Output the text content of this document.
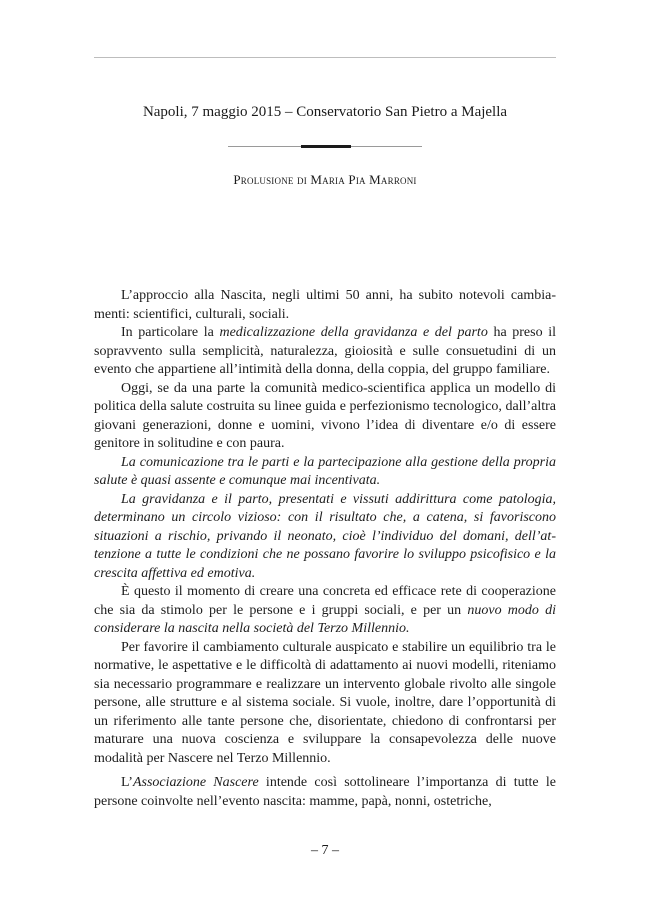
Napoli, 7 maggio 2015 – Conservatorio San Pietro a Majella
Prolusione di Maria Pia Marroni

L’approccio alla Nascita, negli ultimi 50 anni, ha subito notevoli cambiamenti: scientifici, culturali, sociali.

In particolare la medicalizzazione della gravidanza e del parto ha preso il sopravvento sulla semplicità, naturalezza, gioiosità e sulle consuetudini di un evento che appartiene all’intimità della donna, della coppia, del gruppo familiare.

Oggi, se da una parte la comunità medico-scientifica applica un modello di politica della salute costruita su linee guida e perfezionismo tecnologico, dall’altra giovani generazioni, donne e uomini, vivono l’idea di diventare e/o di essere genitore in solitudine e con paura.

La comunicazione tra le parti e la partecipazione alla gestione della propria salute è quasi assente e comunque mai incentivata.

La gravidanza e il parto, presentati e vissuti addirittura come patologia, determinano un circolo vizioso: con il risultato che, a catena, si favoriscono situazioni a rischio, privando il neonato, cioè l’individuo del domani, dell’attenzione a tutte le condizioni che ne possano favorire lo sviluppo psicofisico e la crescita affettiva ed emotiva.

È questo il momento di creare una concreta ed efficace rete di cooperazione che sia da stimolo per le persone e i gruppi sociali, e per un nuovo modo di considerare la nascita nella società del Terzo Millennio.

Per favorire il cambiamento culturale auspicato e stabilire un equilibrio tra le normative, le aspettative e le difficoltà di adattamento ai nuovi modelli, riteniamo sia necessario programmare e realizzare un intervento globale rivolto alle singole persone, alle strutture e al sistema sociale. Si vuole, inoltre, dare l’opportunità di un riferimento alle tante persone che, disorientate, chiedono di confrontarsi per maturare una nuova coscienza e sviluppare la consapevolezza delle nuove modalità per Nascere nel Terzo Millennio.

L’Associazione Nascere intende così sottolineare l’importanza di tutte le persone coinvolte nell’evento nascita: mamme, papà, nonni, ostetriche,

– 7 –
